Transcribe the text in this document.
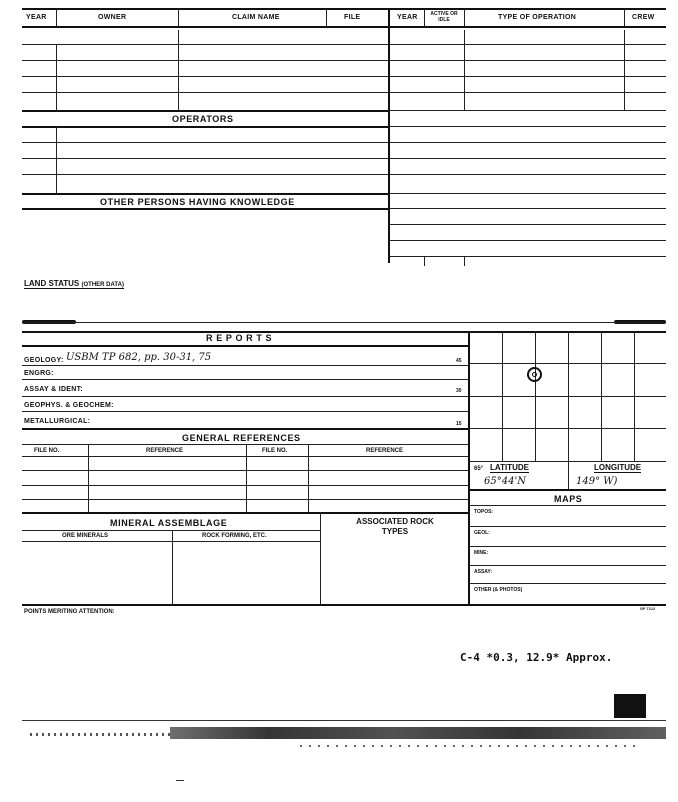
YEAR	OWNER	CLAIM NAME	FILE	YEAR	ACTIVE OR IDLE	TYPE OF OPERATION	CREW
OPERATORS
OTHER PERSONS HAVING KNOWLEDGE
LAND STATUS (OTHER DATA)
R E P O R T S
GEOLOGY: USBM TP 682, pp. 30-31, 75	45
ENGRG:
ASSAY & IDENT:	30
GEOPHYS. & GEOCHEM:
METALLURGICAL:	15
GENERAL REFERENCES
FILE NO.	REFERENCE	FILE NO.	REFERENCE
MINERAL ASSEMBLAGE
ORE MINERALS	ROCK FORMING, ETC.
ASSOCIATED ROCK TYPES
65° LATITUDE	LONGITUDE
65°44'N	149° W)
MAPS
TOPOS:
GEOL:
MINE:
ASSAY:
OTHER (& PHOTOS)
POINTS MERITING ATTENTION:
SP 7212
C-4 *0.3, 12.9* Approx.
